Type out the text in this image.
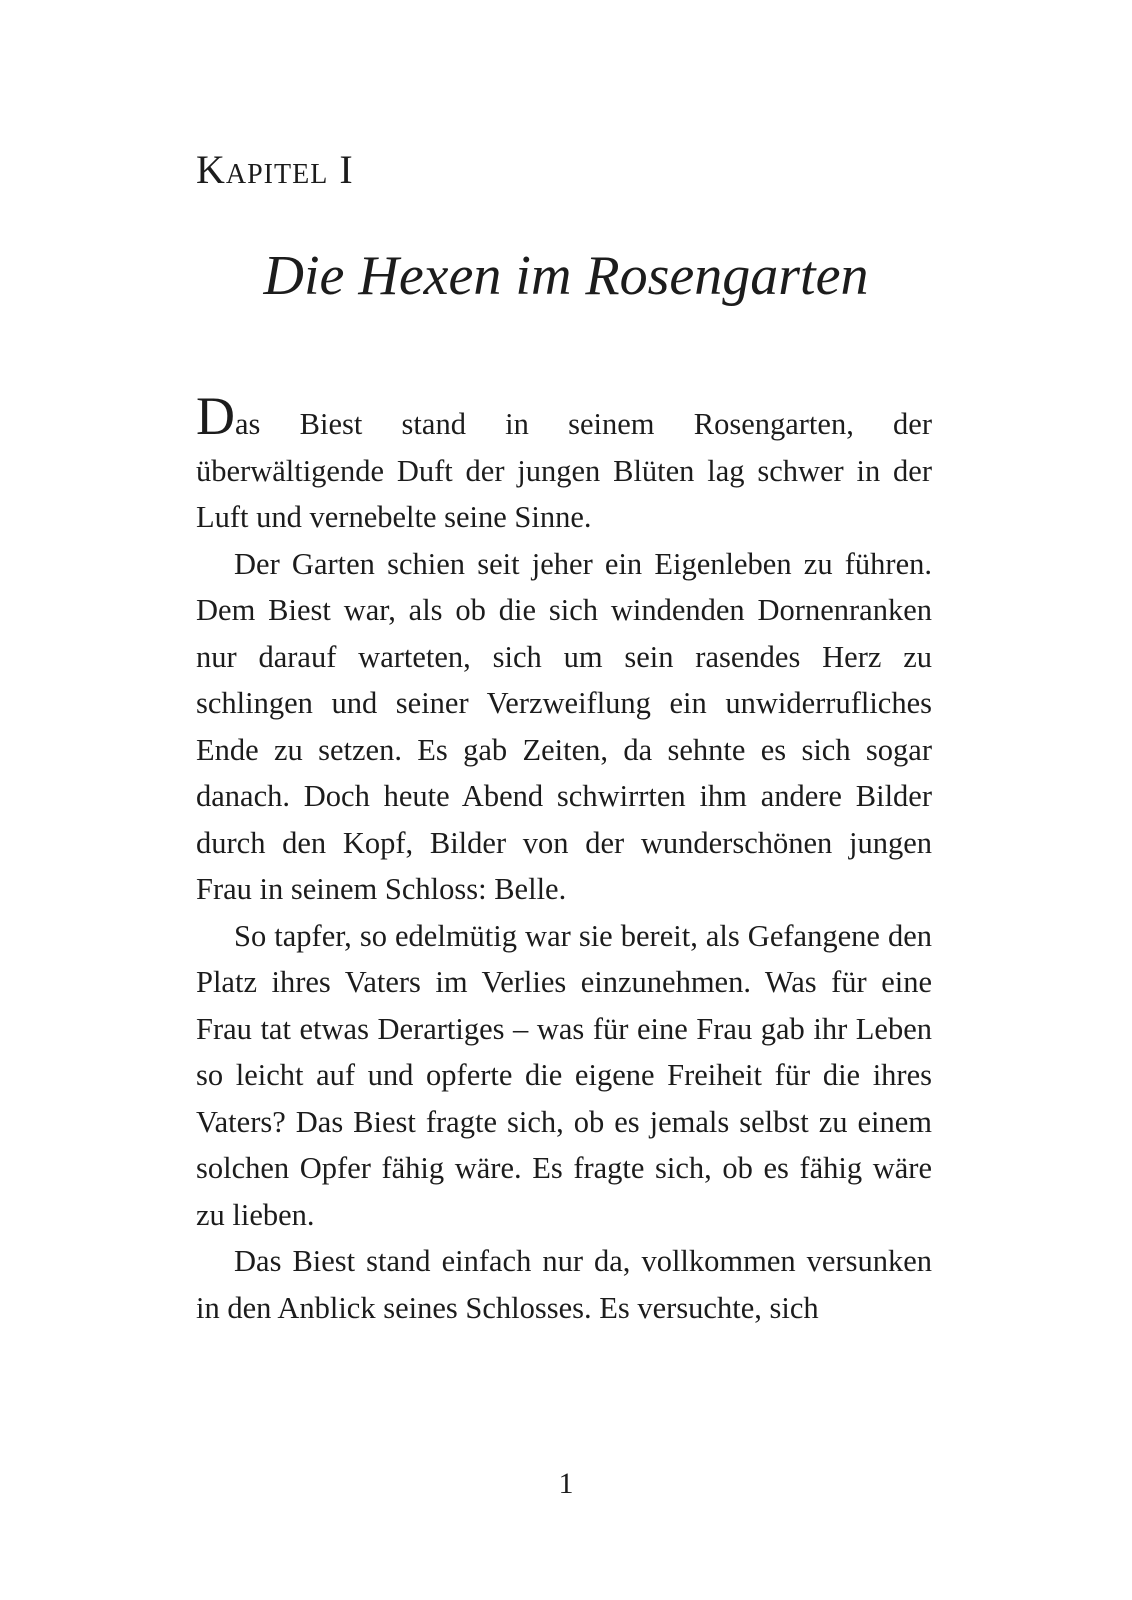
Kapitel I
Die Hexen im Rosengarten

Das Biest stand in seinem Rosengarten, der überwältigende Duft der jungen Blüten lag schwer in der Luft und vernebelte seine Sinne.

Der Garten schien seit jeher ein Eigenleben zu führen. Dem Biest war, als ob die sich windenden Dornenranken nur darauf warteten, sich um sein rasendes Herz zu schlingen und seiner Verzweiflung ein unwiderrufliches Ende zu setzen. Es gab Zeiten, da sehnte es sich sogar danach. Doch heute Abend schwirrten ihm andere Bilder durch den Kopf, Bilder von der wunderschönen jungen Frau in seinem Schloss: Belle.

So tapfer, so edelmütig war sie bereit, als Gefangene den Platz ihres Vaters im Verlies einzunehmen. Was für eine Frau tat etwas Derartiges – was für eine Frau gab ihr Leben so leicht auf und opferte die eigene Freiheit für die ihres Vaters? Das Biest fragte sich, ob es jemals selbst zu einem solchen Opfer fähig wäre. Es fragte sich, ob es fähig wäre zu lieben.

Das Biest stand einfach nur da, vollkommen versunken in den Anblick seines Schlosses. Es versuchte, sich

1
